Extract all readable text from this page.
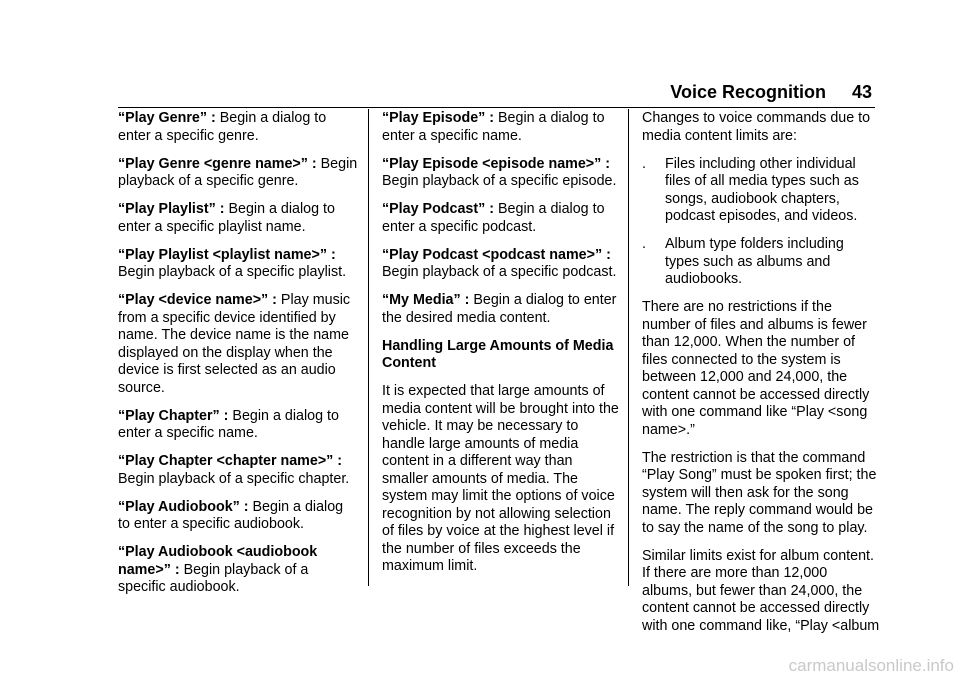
Voice Recognition 43

“Play Genre” : Begin a dialog to enter a specific genre.

“Play Genre <genre name>” : Begin playback of a specific genre.

“Play Playlist” : Begin a dialog to enter a specific playlist name.

“Play Playlist <playlist name>” : Begin playback of a specific playlist.

“Play <device name>” : Play music from a specific device identified by name. The device name is the name displayed on the display when the device is first selected as an audio source.

“Play Chapter” : Begin a dialog to enter a specific name.

“Play Chapter <chapter name>” : Begin playback of a specific chapter.

“Play Audiobook” : Begin a dialog to enter a specific audiobook.

“Play Audiobook <audiobook name>” : Begin playback of a specific audiobook.

“Play Episode” : Begin a dialog to enter a specific name.

“Play Episode <episode name>” : Begin playback of a specific episode.

“Play Podcast” : Begin a dialog to enter a specific podcast.

“Play Podcast <podcast name>” : Begin playback of a specific podcast.

“My Media” : Begin a dialog to enter the desired media content.

Handling Large Amounts of Media Content

It is expected that large amounts of media content will be brought into the vehicle. It may be necessary to handle large amounts of media content in a different way than smaller amounts of media. The system may limit the options of voice recognition by not allowing selection of files by voice at the highest level if the number of files exceeds the maximum limit.

Changes to voice commands due to media content limits are:

.	Files including other individual files of all media types such as songs, audiobook chapters, podcast episodes, and videos.
.	Album type folders including types such as albums and audiobooks.

There are no restrictions if the number of files and albums is fewer than 12,000. When the number of files connected to the system is between 12,000 and 24,000, the content cannot be accessed directly with one command like “Play <song name>.”

The restriction is that the command “Play Song” must be spoken first; the system will then ask for the song name. The reply command would be to say the name of the song to play.

Similar limits exist for album content. If there are more than 12,000 albums, but fewer than 24,000, the content cannot be accessed directly with one command like, “Play <album

carmanualsonline.info
